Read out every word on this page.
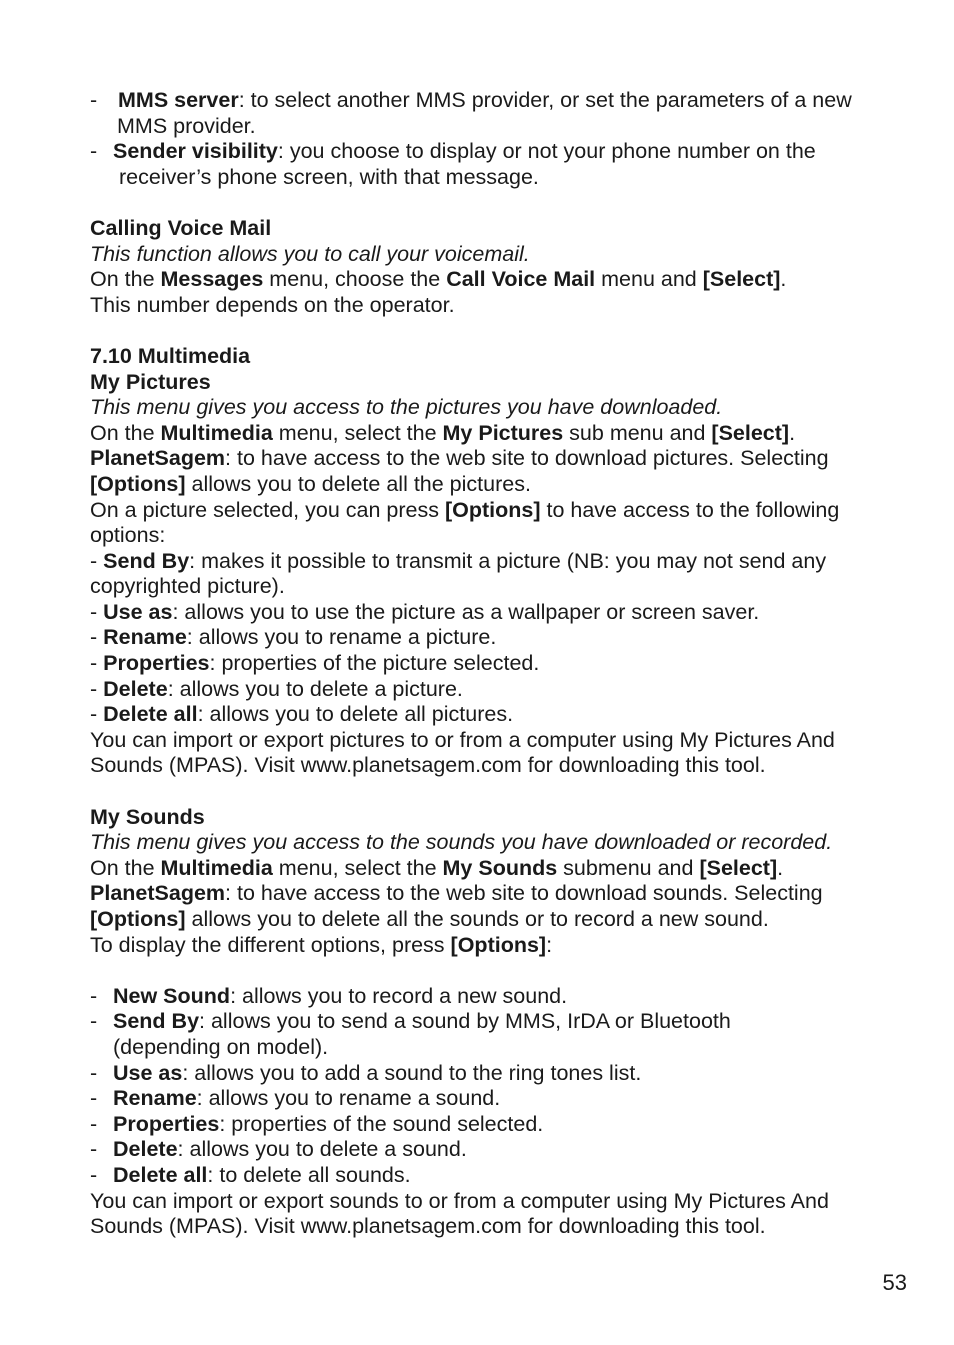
- MMS server: to select another MMS provider, or set the parameters of a new
MMS provider.
- Sender visibility: you choose to display or not your phone number on the
receiver’s phone screen, with that message.
Calling Voice Mail
This function allows you to call your voicemail.
On the Messages menu, choose the Call Voice Mail menu and [Select].
This number depends on the operator.
7.10 Multimedia
My Pictures
This menu gives you access to the pictures you have downloaded.
On the Multimedia menu, select the My Pictures sub menu and [Select].
PlanetSagem: to have access to the web site to download pictures. Selecting
[Options] allows you to delete all the pictures.
On a picture selected, you can press [Options] to have access to the following
options:
- Send By: makes it possible to transmit a picture (NB: you may not send any
copyrighted picture).
- Use as: allows you to use the picture as a wallpaper or screen saver.
- Rename: allows you to rename a picture.
- Properties: properties of the picture selected.
- Delete: allows you to delete a picture.
- Delete all: allows you to delete all pictures.
You can import or export pictures to or from a computer using My Pictures And
Sounds (MPAS). Visit www.planetsagem.com for downloading this tool.
My Sounds
This menu gives you access to the sounds you have downloaded or recorded.
On the Multimedia menu, select the My Sounds submenu and [Select].
PlanetSagem: to have access to the web site to download sounds. Selecting
[Options] allows you to delete all the sounds or to record a new sound.
To display the different options, press [Options]:
- New Sound: allows you to record a new sound.
- Send By: allows you to send a sound by MMS, IrDA or Bluetooth
(depending on model).
- Use as: allows you to add a sound to the ring tones list.
- Rename: allows you to rename a sound.
- Properties: properties of the sound selected.
- Delete: allows you to delete a sound.
- Delete all: to delete all sounds.
You can import or export sounds to or from a computer using My Pictures And
Sounds (MPAS). Visit www.planetsagem.com for downloading this tool.
53
